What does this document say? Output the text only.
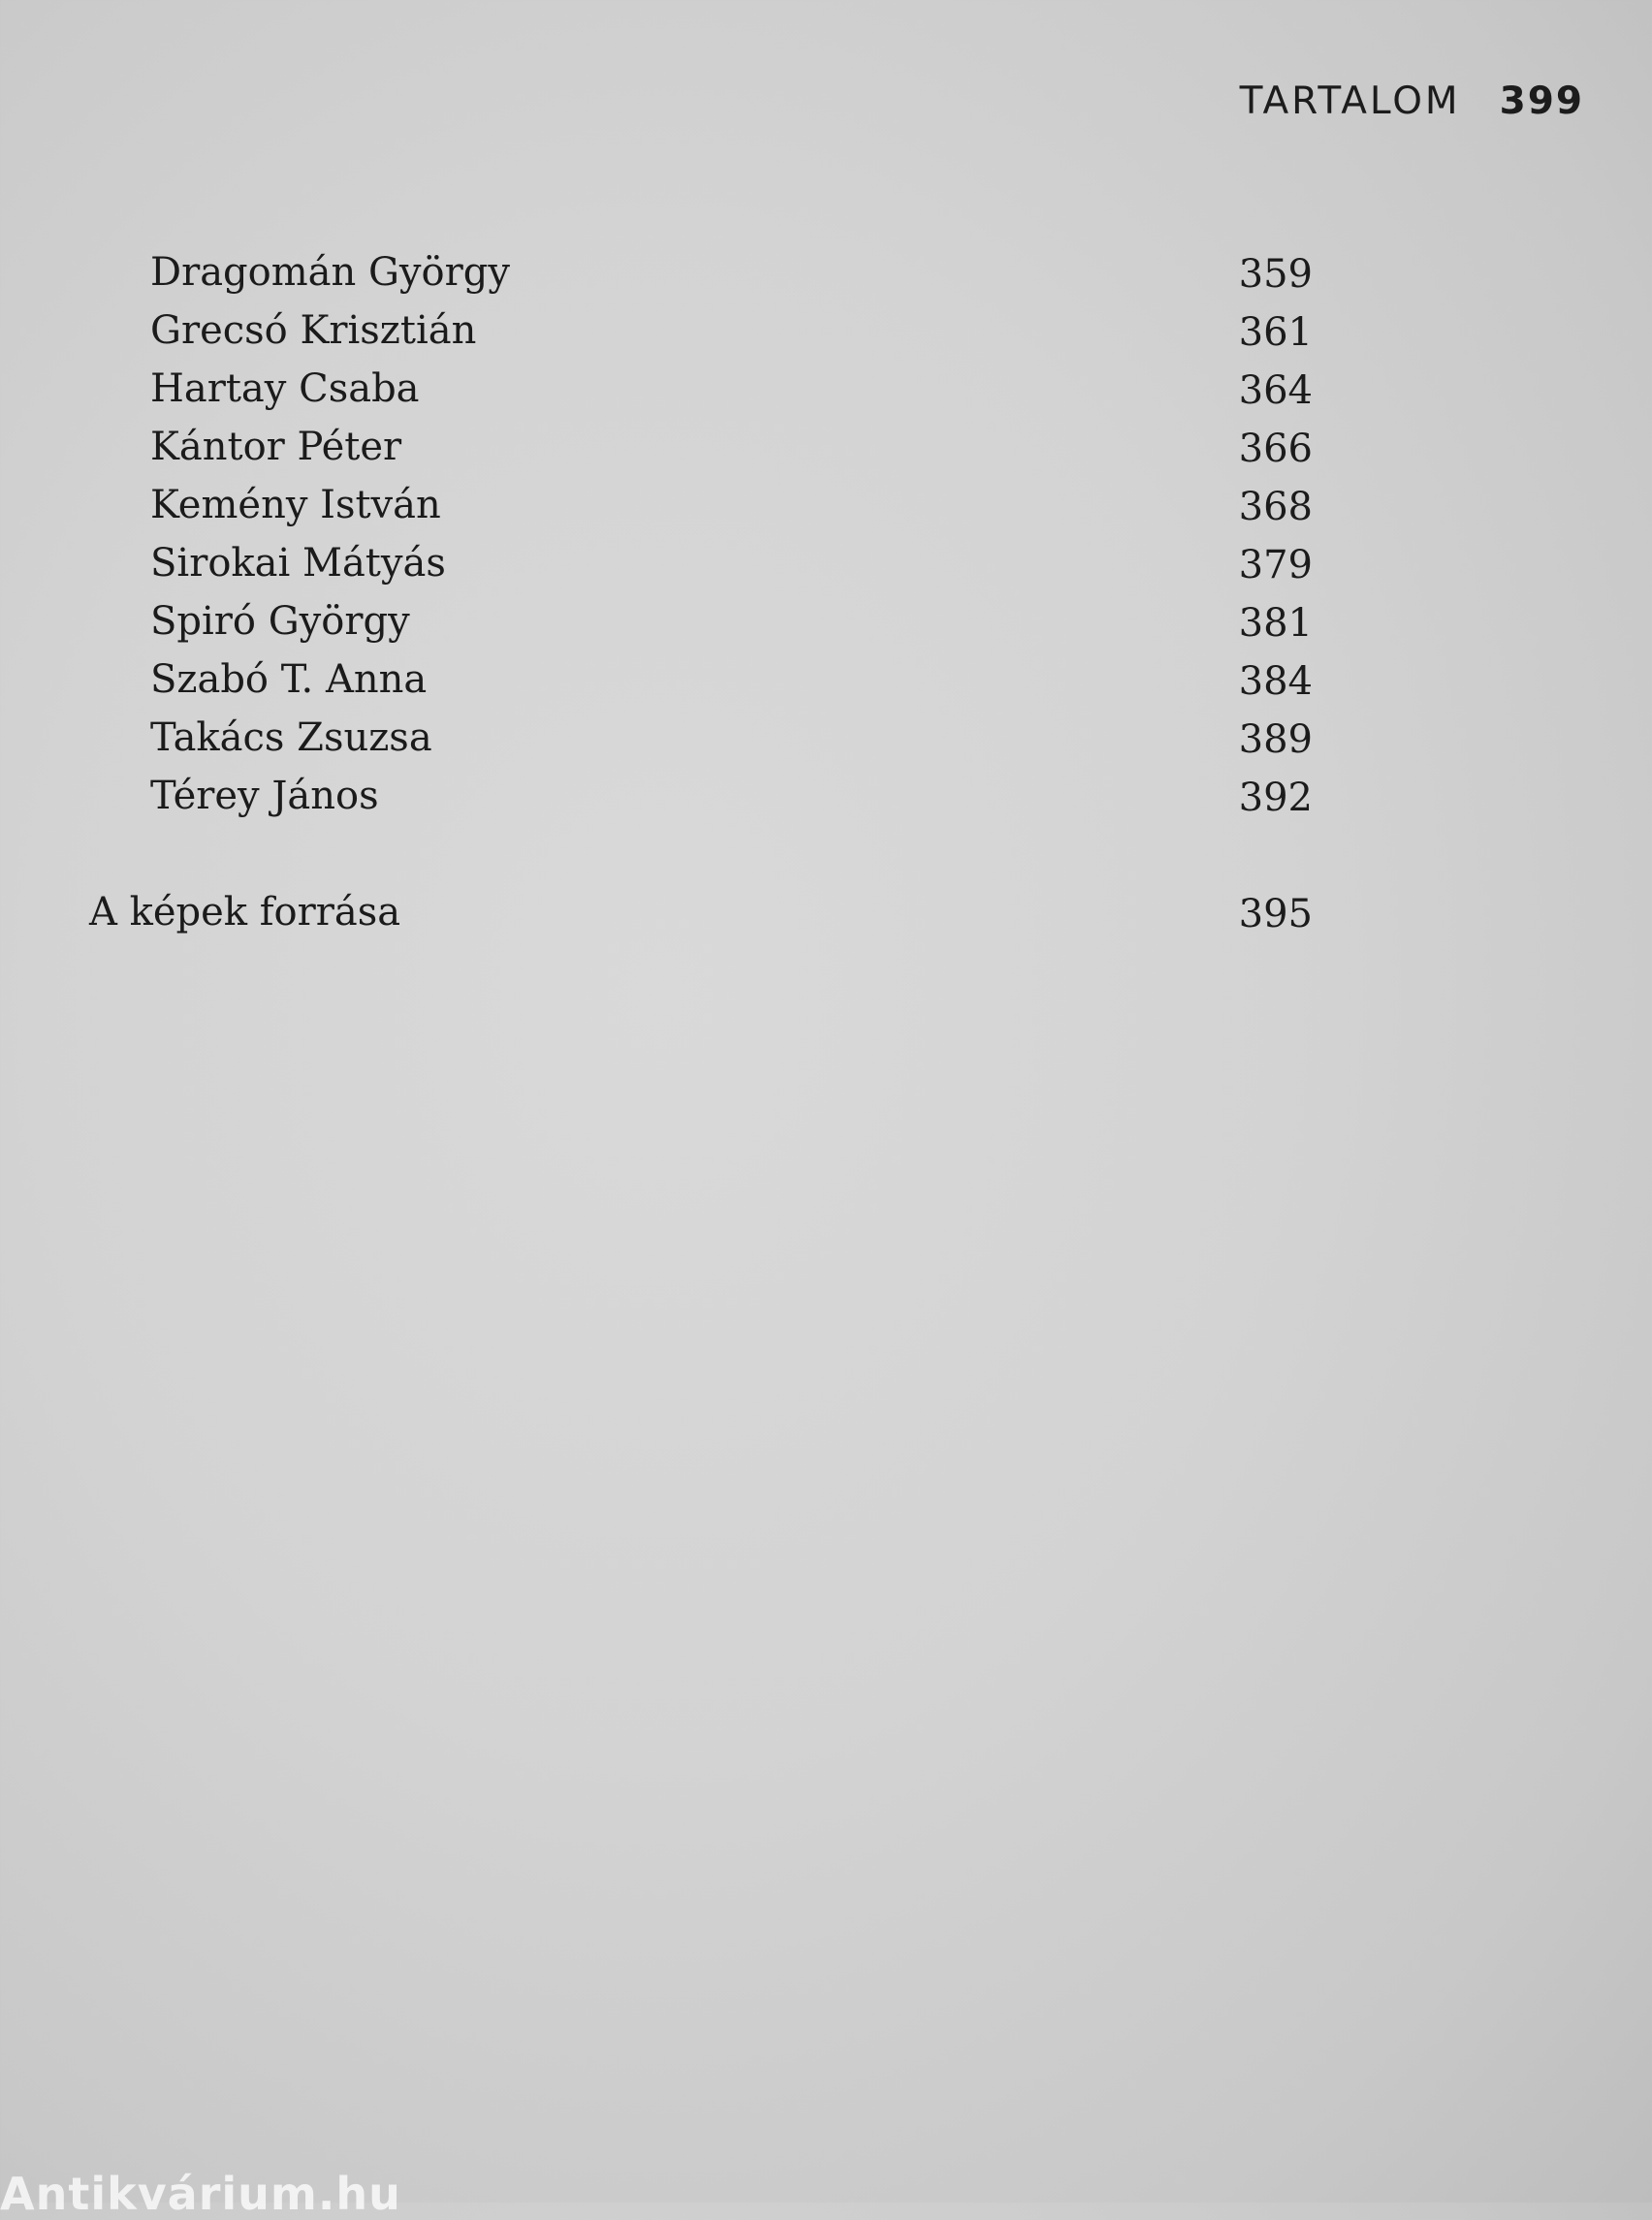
TARTALOM 399
Dragomán György	359
Grecsó Krisztián	361
Hartay Csaba	364
Kántor Péter	366
Kemény István	368
Sirokai Mátyás	379
Spiró György	381
Szabó T. Anna	384
Takács Zsuzsa	389
Térey János	392
A képek forrása	395
Antikvárium.hu
